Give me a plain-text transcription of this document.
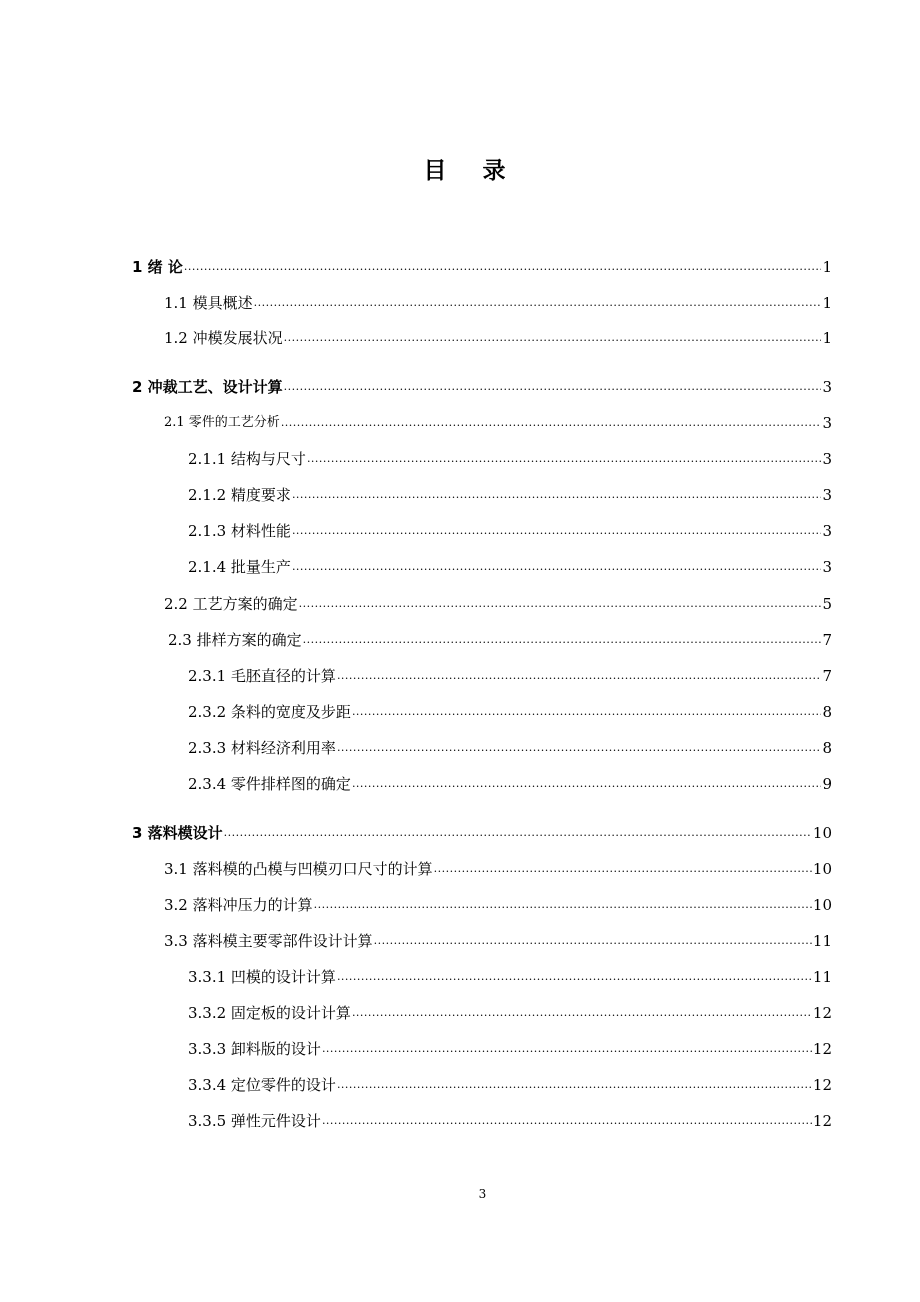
目录
1 绪 论 .....	1
1.1 模具概述 .....	1
1.2 冲模发展状况 .....	1
2 冲裁工艺、设计计算 .....	3
2.1 零件的工艺分析 .....	3
2.1.1 结构与尺寸 .....	3
2.1.2 精度要求 .....	3
2.1.3 材料性能 .....	3
2.1.4 批量生产 .....	3
2.2 工艺方案的确定 .....	5
2.3 排样方案的确定 .....	7
2.3.1 毛胚直径的计算 .....	7
2.3.2 条料的宽度及步距 .....	8
2.3.3 材料经济利用率 .....	8
2.3.4 零件排样图的确定 .....	9
3 落料模设计 .....	10
3.1 落料模的凸模与凹模刃口尺寸的计算 .....	10
3.2 落料冲压力的计算 .....	10
3.3 落料模主要零部件设计计算 .....	11
3.3.1 凹模的设计计算 .....	11
3.3.2 固定板的设计计算 .....	12
3.3.3 卸料版的设计 .....	12
3.3.4 定位零件的设计 .....	12
3.3.5 弹性元件设计 .....	12
3
